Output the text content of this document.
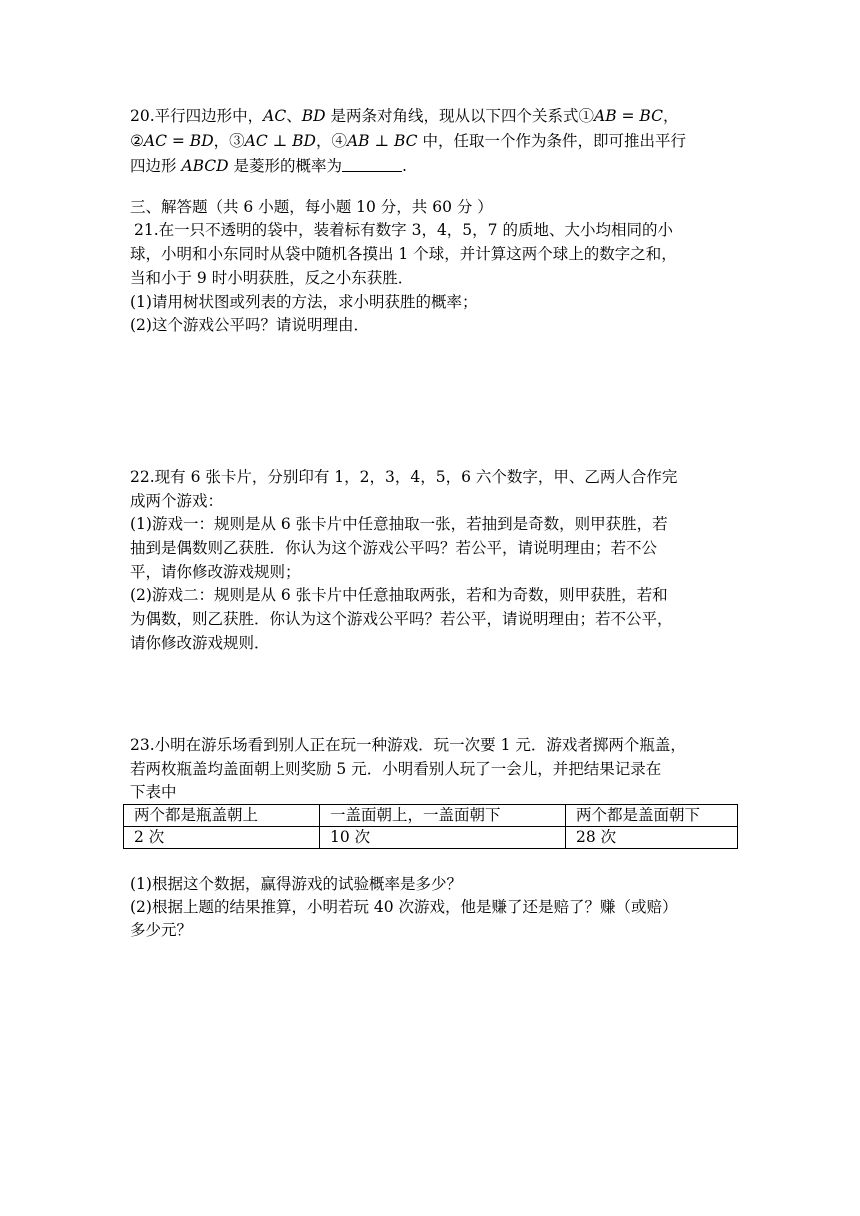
20.平行四边形中，AC、BD 是两条对角线，现从以下四个关系式①AB = BC，
②AC = BD，③AC ⊥ BD，④AB ⊥ BC 中，任取一个作为条件，即可推出平行
四边形 ABCD 是菱形的概率为	.
三、解答题（共 6 小题，每小题 10 分，共 60 分 ）
21.在一只不透明的袋中，装着标有数字 3，4，5，7 的质地、大小均相同的小
球，小明和小东同时从袋中随机各摸出 1 个球，并计算这两个球上的数字之和，
当和小于 9 时小明获胜，反之小东获胜．
(1)请用树状图或列表的方法，求小明获胜的概率；
(2)这个游戏公平吗？请说明理由．
22.现有 6 张卡片，分别印有 1，2，3，4，5，6 六个数字，甲、乙两人合作完
成两个游戏：
(1)游戏一：规则是从 6 张卡片中任意抽取一张，若抽到是奇数，则甲获胜，若
抽到是偶数则乙获胜．你认为这个游戏公平吗？若公平，请说明理由；若不公
平，请你修改游戏规则；
(2)游戏二：规则是从 6 张卡片中任意抽取两张，若和为奇数，则甲获胜，若和
为偶数，则乙获胜．你认为这个游戏公平吗？若公平，请说明理由；若不公平，
请你修改游戏规则．
23.小明在游乐场看到别人正在玩一种游戏．玩一次要 1 元．游戏者掷两个瓶盖，
若两枚瓶盖均盖面朝上则奖励 5 元．小明看别人玩了一会儿，并把结果记录在
下表中
两个都是瓶盖朝上	一盖面朝上，一盖面朝下	两个都是盖面朝下
2 次	10 次	28 次
(1)根据这个数据，赢得游戏的试验概率是多少？
(2)根据上题的结果推算，小明若玩 40 次游戏，他是赚了还是赔了？赚（或赔）
多少元？
